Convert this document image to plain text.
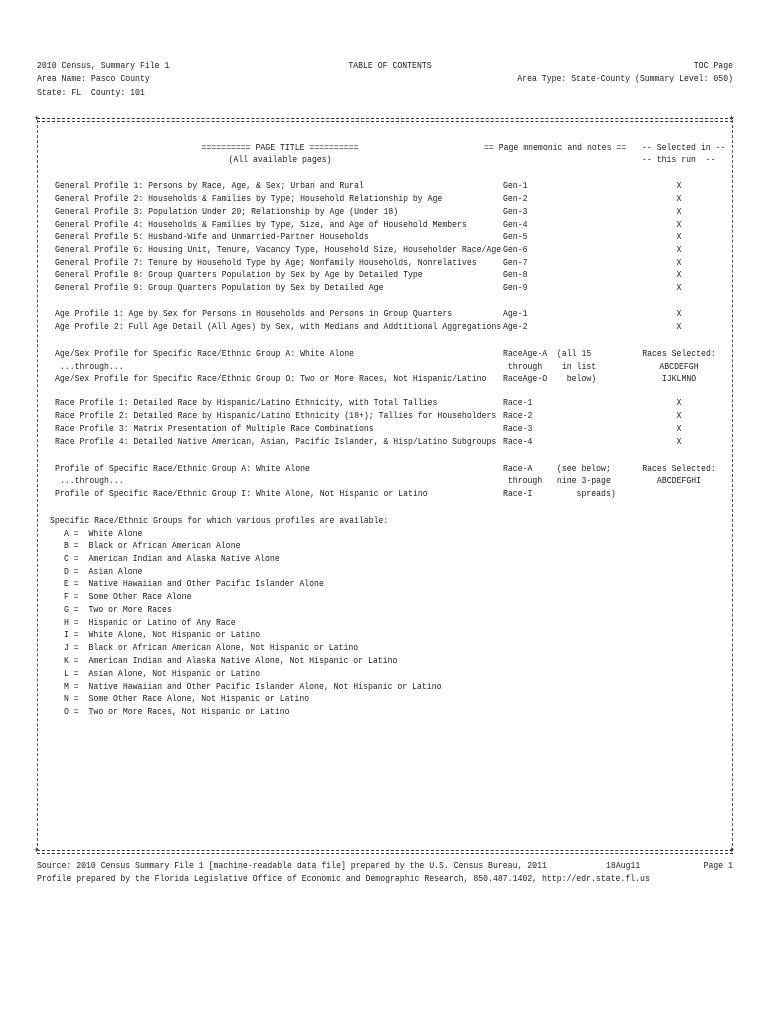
2010 Census, Summary File 1
Area Name: Pasco County
State: FL  County: 101
TABLE OF CONTENTS	TOC Page
Area Type: State-County (Summary Level: 050)
+	+
+	+
========== PAGE TITLE ==========
(All available pages)
== Page mnemonic and notes == -- Selected in --
-- this run  --
General Profile 1: Persons by Race, Age, & Sex; Urban and Rural	Gen-1	X
General Profile 2: Households & Families by Type; Household Relationship by Age	Gen-2	X
General Profile 3: Population Under 20; Relationship by Age (Under 18)	Gen-3	X
General Profile 4: Households & Families by Type, Size, and Age of Household Members	Gen-4	X
General Profile 5: Husband-Wife and Unmarried-Partner Households	Gen-5	X
General Profile 6: Housing Unit, Tenure, Vacancy Type, Household Size, Householder Race/Age Gen-6	X
General Profile 7: Tenure by Household Type by Age; Nonfamily Households, Nonrelatives	Gen-7	X
General Profile 8: Group Quarters Population by Sex by Age by Detailed Type	Gen-8	X
General Profile 9: Group Quarters Population by Sex by Detailed Age	Gen-9	X
Age Profile 1: Age by Sex for Persons in Households and Persons in Group Quarters	Age-1	X
Age Profile 2: Full Age Detail (All Ages) by Sex, with Medians and Addtitional Aggregations Age-2	X
Age/Sex Profile for Specific Race/Ethnic Group A: White Alone	RaceAge-A  (all 15	Races Selected:
...through...	through    in list	ABCDEFGH
Age/Sex Profile for Specific Race/Ethnic Group O: Two or More Races, Not Hispanic/Latino RaceAge-O    below)	IJKLMNO
Race Profile 1: Detailed Race by Hispanic/Latino Ethnicity, with Total Tallies	Race-1	X
Race Profile 2: Detailed Race by Hispanic/Latino Ethnicity (18+); Tallies for Householders Race-2	X
Race Profile 3: Matrix Presentation of Multiple Race Combinations	Race-3	X
Race Profile 4: Detailed Native American, Asian, Pacific Islander, & Hisp/Latino Subgroups Race-4	X
Profile of Specific Race/Ethnic Group A: White Alone	Race-A     (see below;	Races Selected:
...through...	through   nine 3-page	ABCDEFGHI
Profile of Specific Race/Ethnic Group I: White Alone, Not Hispanic or Latino	Race-I         spreads)
Specific Race/Ethnic Groups for which various profiles are available:
A =  White Alone
B =  Black or African American Alone
C =  American Indian and Alaska Native Alone
D =  Asian Alone
E =  Native Hawaiian and Other Pacific Islander Alone
F =  Some Other Race Alone
G =  Two or More Races
H =  Hispanic or Latino of Any Race
I =  White Alone, Not Hispanic or Latino
J =  Black or African American Alone, Not Hispanic or Latino
K =  American Indian and Alaska Native Alone, Not Hispanic or Latino
L =  Asian Alone, Not Hispanic or Latino
M =  Native Hawaiian and Other Pacific Islander Alone, Not Hispanic or Latino
N =  Some Other Race Alone, Not Hispanic or Latino
O =  Two or More Races, Not Hispanic or Latino
Source: 2010 Census Summary File 1 [machine-readable data file] prepared by the U.S. Census Bureau, 2011	18Aug11	Page 1
Profile prepared by the Florida Legislative Office of Economic and Demographic Research, 850.487.1402, http://edr.state.fl.us
